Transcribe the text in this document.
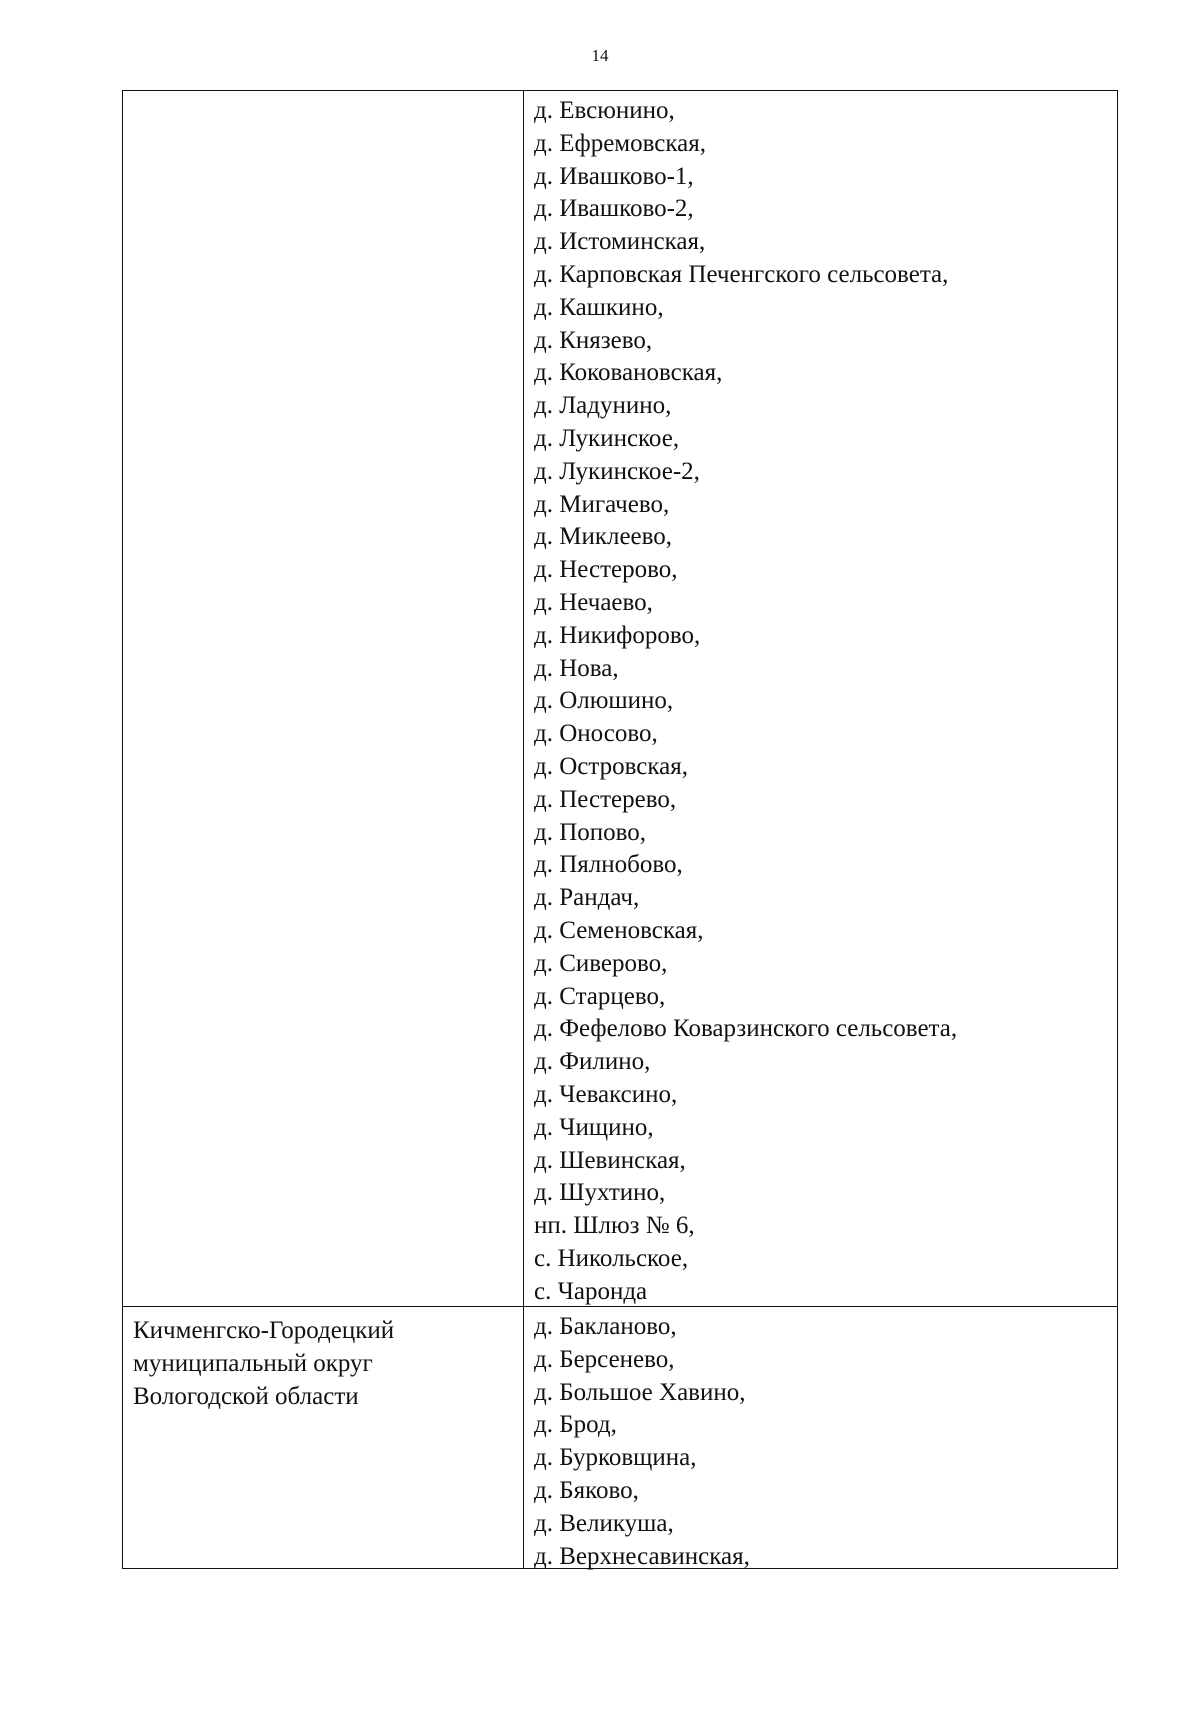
14
д. Евсюнино,
д. Ефремовская,
д. Ивашково-1,
д. Ивашково-2,
д. Истоминская,
д. Карповская Печенгского сельсовета,
д. Кашкино,
д. Князево,
д. Кокованoвская,
д. Ладунино,
д. Лукинское,
д. Лукинское-2,
д. Мигачево,
д. Миклеево,
д. Нестерово,
д. Нечаево,
д. Никифорово,
д. Нова,
д. Олюшино,
д. Оносово,
д. Островская,
д. Пестерево,
д. Попово,
д. Пялнобово,
д. Рандач,
д. Семеновская,
д. Сиверово,
д. Старцево,
д. Фефелово Коварзинского сельсовета,
д. Филино,
д. Чеваксино,
д. Чищино,
д. Шевинская,
д. Шухтино,
нп. Шлюз № 6,
с. Никольское,
с. Чаронда
Кичменгско-Городецкий муниципальный округ Вологодской области
д. Бакланово,
д. Берсенево,
д. Большое Хавино,
д. Брод,
д. Бурковщина,
д. Бяково,
д. Великуша,
д. Верхнесавинская,
